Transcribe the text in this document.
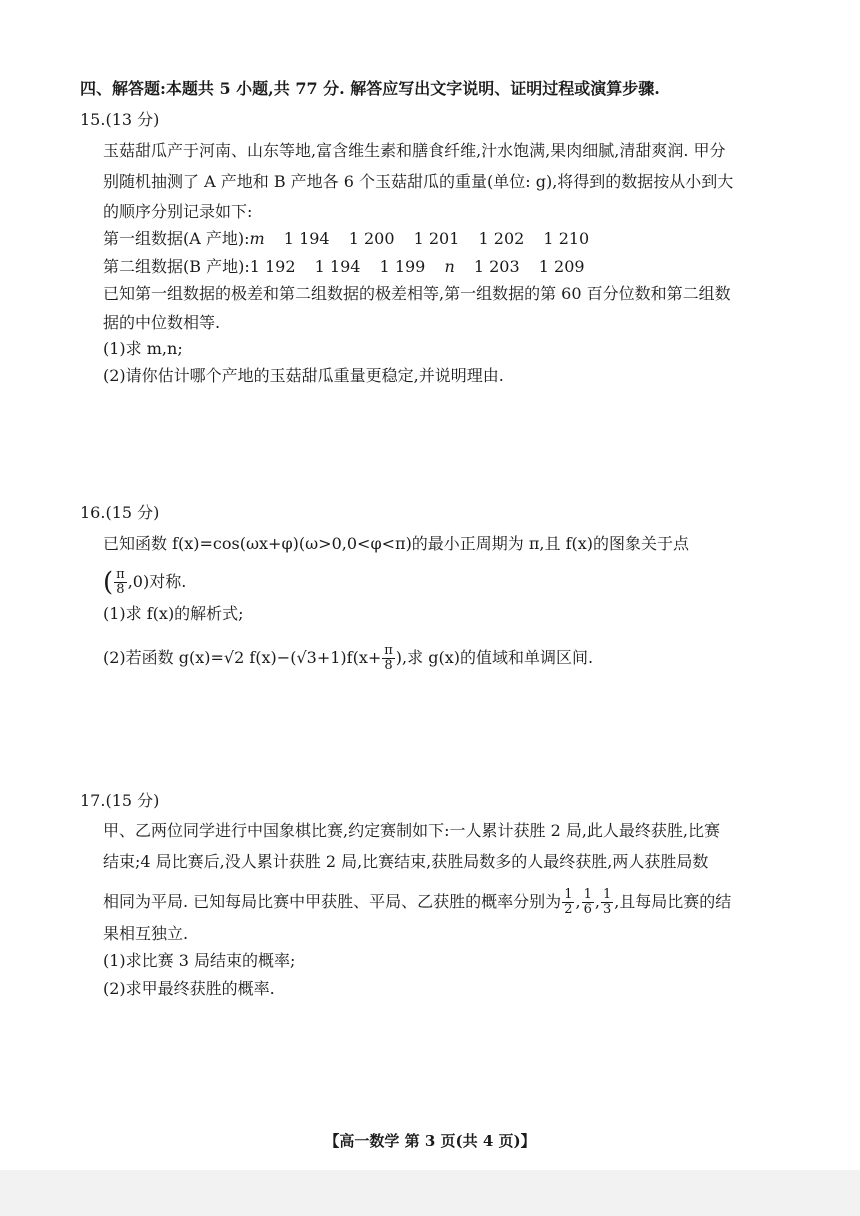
四、解答题:本题共 5 小题,共 77 分. 解答应写出文字说明、证明过程或演算步骤.
15.(13 分)
玉菇甜瓜产于河南、山东等地,富含维生素和膳食纤维,汁水饱满,果肉细腻,清甜爽润. 甲分
别随机抽测了 A 产地和 B 产地各 6 个玉菇甜瓜的重量(单位: g),将得到的数据按从小到大
的顺序分别记录如下:
第一组数据(A 产地):m 1 194 1 200 1 201 1 202 1 210
第二组数据(B 产地):1 192 1 194 1 199 n 1 203 1 209
已知第一组数据的极差和第二组数据的极差相等,第一组数据的第 60 百分位数和第二组数
据的中位数相等.
(1)求 m,n;
(2)请你估计哪个产地的玉菇甜瓜重量更稳定,并说明理由.
16.(15 分)
已知函数 f(x)=cos(ωx+φ)(ω>0,0<φ<π)的最小正周期为 π,且 f(x)的图象关于点
( $\frac{\pi}{8} ,0$)对称.
(1)求 f(x)的解析式;
(2)若函数 g(x)=√2 $f(x)-(√3+1)f(x+ \frac{\pi}{8}$ ),求 g(x)的值域和单调区间.
17.(15 分)
甲、乙两位同学进行中国象棋比赛,约定赛制如下:一人累计获胜 2 局,此人最终获胜,比赛
结束;4 局比赛后,没人累计获胜 2 局,比赛结束,获胜局数多的人最终获胜,两人获胜局数
相同为平局. 已知每局比赛中甲获胜、平局、乙获胜的概率分别为 $\frac{1}{2}$ , $\frac{1}{6}$ , $\frac{1}{3}$ ,且每局比赛的结
果相互独立.
(1)求比赛 3 局结束的概率;
(2)求甲最终获胜的概率.
【高一数学 第 3 页(共 4 页)】
